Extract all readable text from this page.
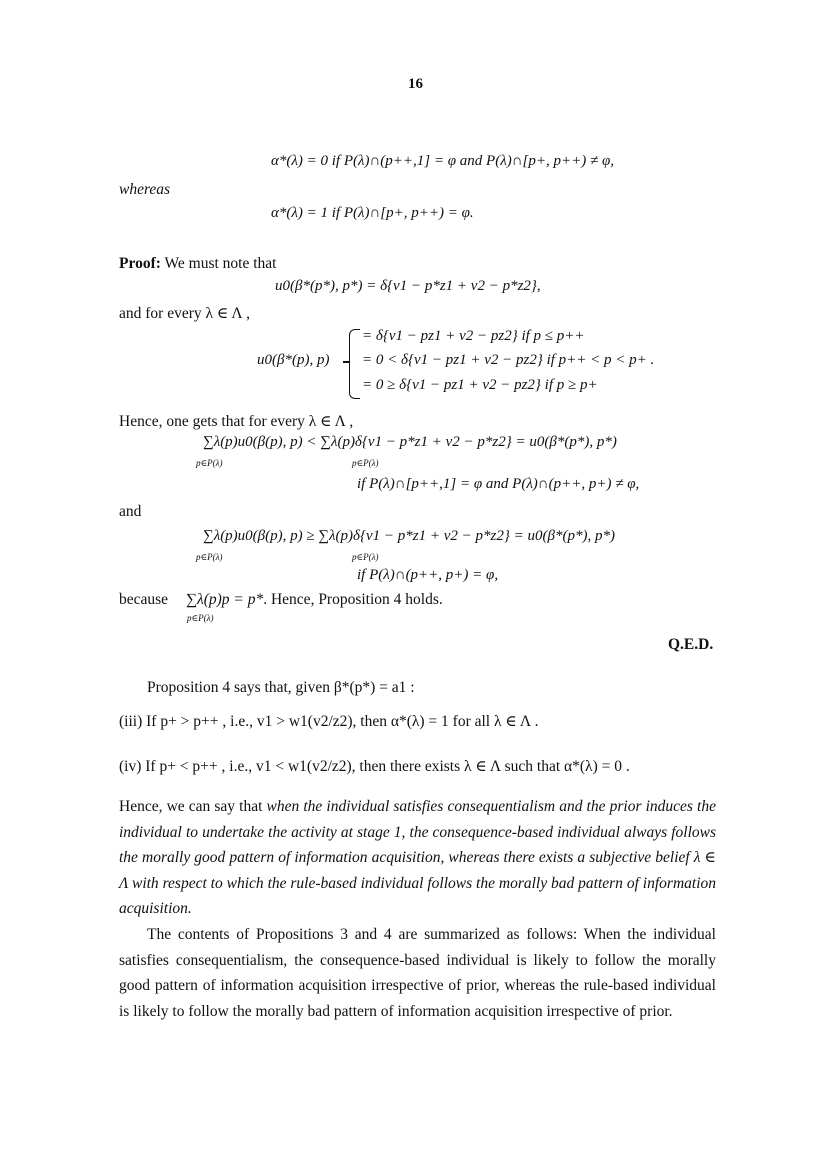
16
α*(λ) = 0 if P(λ)∩(p++,1] = φ and P(λ)∩[p+, p++) ≠ φ,
whereas
α*(λ) = 1 if P(λ)∩[p+, p++) = φ.
Proof: We must note that
u0(β*(p*), p*) = δ{v1 − p*z1 + v2 − p*z2},
and for every λ ∈ Λ ,
u0(β*(p), p)
= δ{v1 − pz1 + v2 − pz2} if p ≤ p++
= 0 < δ{v1 − pz1 + v2 − pz2} if p++ < p < p+ .
= 0 ≥ δ{v1 − pz1 + v2 − pz2} if p ≥ p+
Hence, one gets that for every λ ∈ Λ ,
∑λ(p)u0(β(p), p) < ∑λ(p)δ{v1 − p*z1 + v2 − p*z2} = u0(β*(p*), p*)
p∈P(λ)	p∈P(λ)
if P(λ)∩[p++,1] = φ and P(λ)∩(p++, p+) ≠ φ,
and
∑λ(p)u0(β(p), p) ≥ ∑λ(p)δ{v1 − p*z1 + v2 − p*z2} = u0(β*(p*), p*)
p∈P(λ)	p∈P(λ)
if P(λ)∩(p++, p+) = φ,
because ∑λ(p)p = p*. Hence, Proposition 4 holds.
p∈P(λ)
Q.E.D.
Proposition 4 says that, given β*(p*) = a1 :
(iii) If p+ > p++ , i.e., v1 > w1(v2/z2), then α*(λ) = 1 for all λ ∈ Λ .
(iv) If p+ < p++ , i.e., v1 < w1(v2/z2), then there exists λ ∈ Λ such that α*(λ) = 0 .
Hence, we can say that when the individual satisfies consequentialism and the prior induces the individual to undertake the activity at stage 1, the consequence-based individual always follows the morally good pattern of information acquisition, whereas there exists a subjective belief λ ∈ Λ with respect to which the rule-based individual follows the morally bad pattern of information acquisition.
The contents of Propositions 3 and 4 are summarized as follows: When the individual satisfies consequentialism, the consequence-based individual is likely to follow the morally good pattern of information acquisition irrespective of prior, whereas the rule-based individual is likely to follow the morally bad pattern of information acquisition irrespective of prior.
